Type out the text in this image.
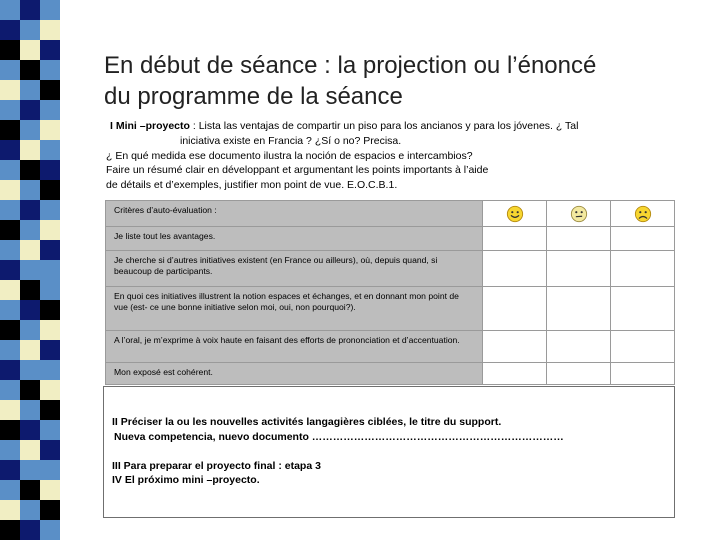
En début de séance : la projection ou l’énoncé
du programme de la séance
I Mini –proyecto : Lista las ventajas de compartir un piso para los ancianos y para los jóvenes. ¿ Tal
iniciativa existe en Francia ? ¿Sí o no? Precisa.
¿ En qué medida ese documento ilustra la noción de espacios e intercambios?
Faire un résumé clair en développant et argumentant les points importants à l’aide
de détails et d’exemples, justifier mon point de vue. E.O.C.B.1.
Critères d’auto-évaluation :	

Je liste tout les avantages.			
Je cherche si d’autres initiatives existent (en France ou ailleurs), où, depuis quand, si beaucoup de participants.			
En quoi ces initiatives illustrent la notion espaces et échanges, et en donnant mon point de vue (est- ce une bonne initiative selon moi, oui, non pourquoi?).			
A l’oral, je m’exprime à voix haute en faisant des efforts de prononciation et d’accentuation.			
Mon exposé est cohérent.			
II Préciser la ou les nouvelles activités langagières ciblées, le titre du support.
Nueva competencia, nuevo documento ………………………………………………………………
III Para preparar el proyecto final : etapa 3
IV El próximo mini –proyecto.
